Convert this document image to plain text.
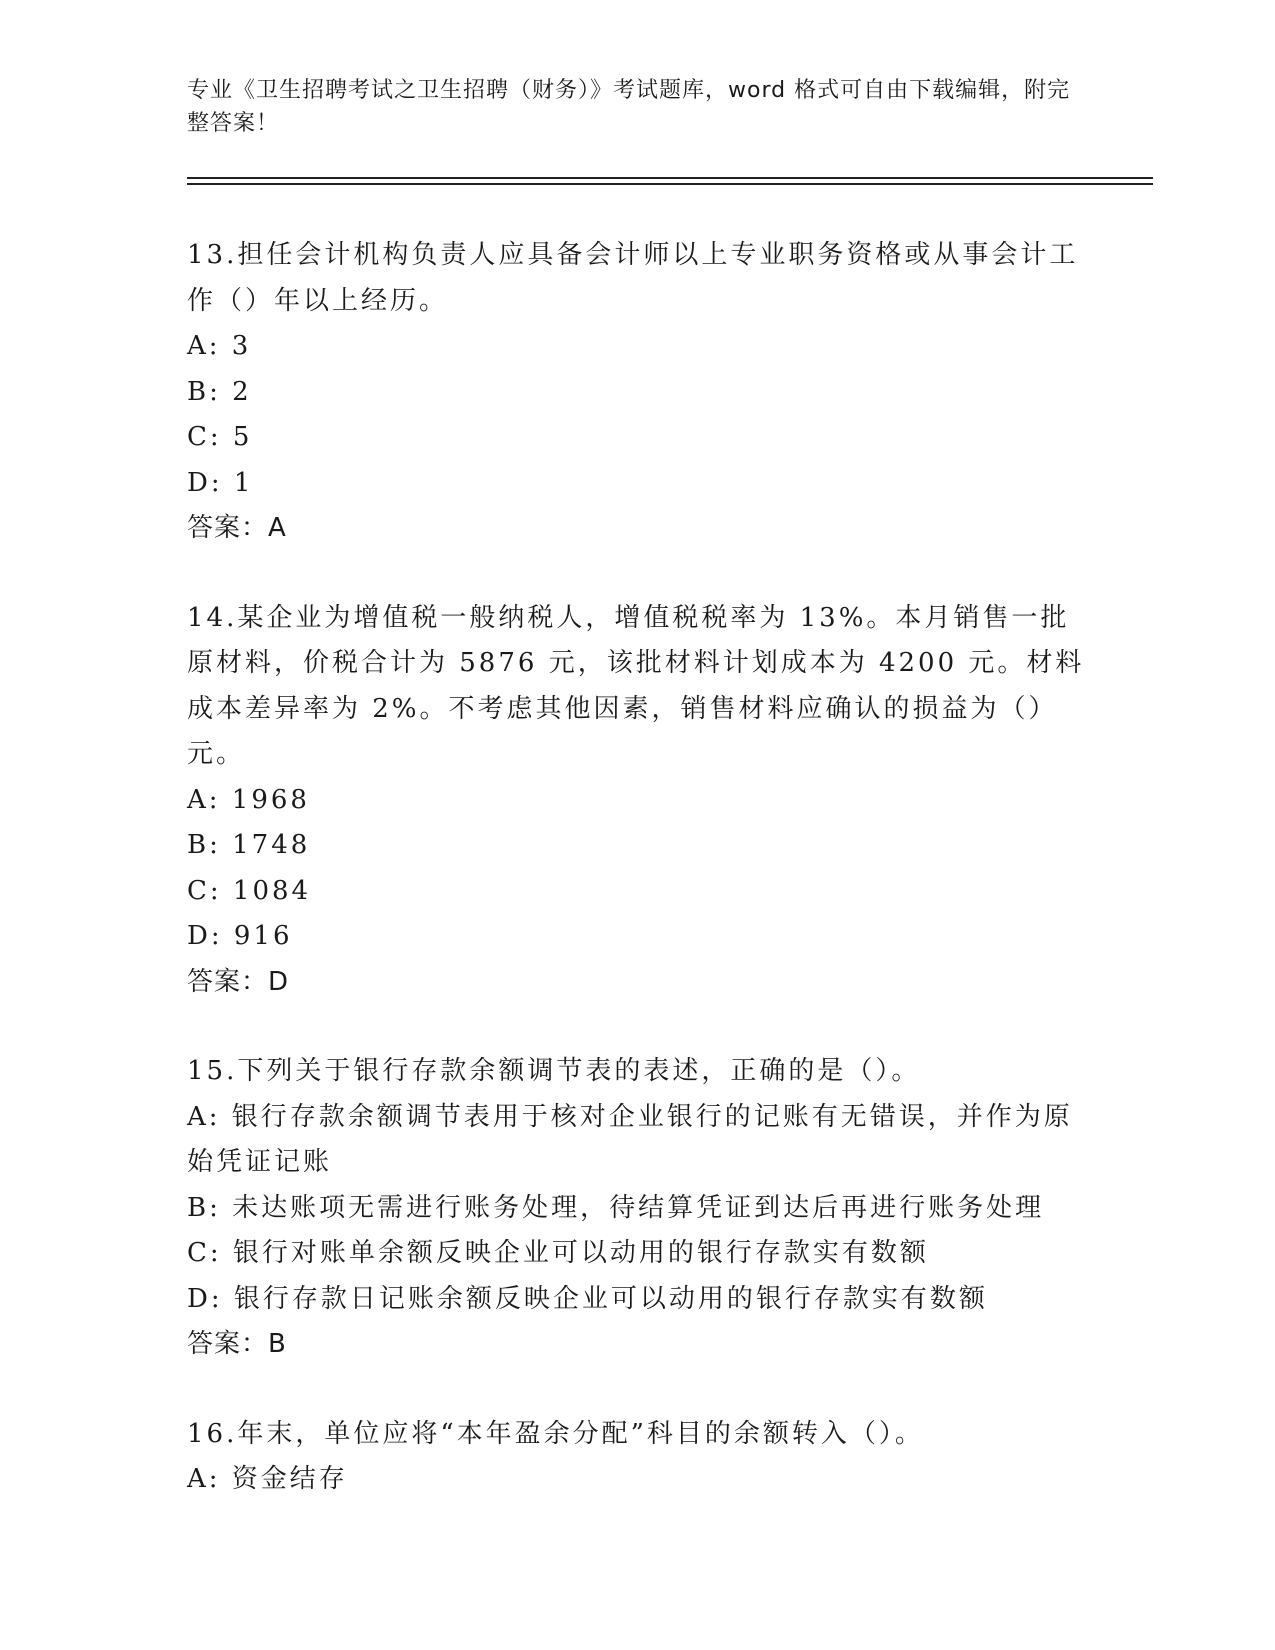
专业《卫生招聘考试之卫生招聘（财务）》考试题库，word 格式可自由下载编辑，附完整答案！

13.担任会计机构负责人应具备会计师以上专业职务资格或从事会计工作（）年以上经历。

A: 3

B: 2

C: 5

D: 1

答案：A

14.某企业为增值税一般纳税人，增值税税率为 13%。本月销售一批原材料，价税合计为 5876 元，该批材料计划成本为 4200 元。材料成本差异率为 2%。不考虑其他因素，销售材料应确认的损益为（）元。

A: 1968

B: 1748

C: 1084

D: 916

答案：D

15.下列关于银行存款余额调节表的表述，正确的是（）。

A: 银行存款余额调节表用于核对企业银行的记账有无错误，并作为原始凭证记账

B: 未达账项无需进行账务处理，待结算凭证到达后再进行账务处理

C: 银行对账单余额反映企业可以动用的银行存款实有数额

D: 银行存款日记账余额反映企业可以动用的银行存款实有数额

答案：B

16.年末，单位应将“本年盈余分配”科目的余额转入（）。

A: 资金结存
